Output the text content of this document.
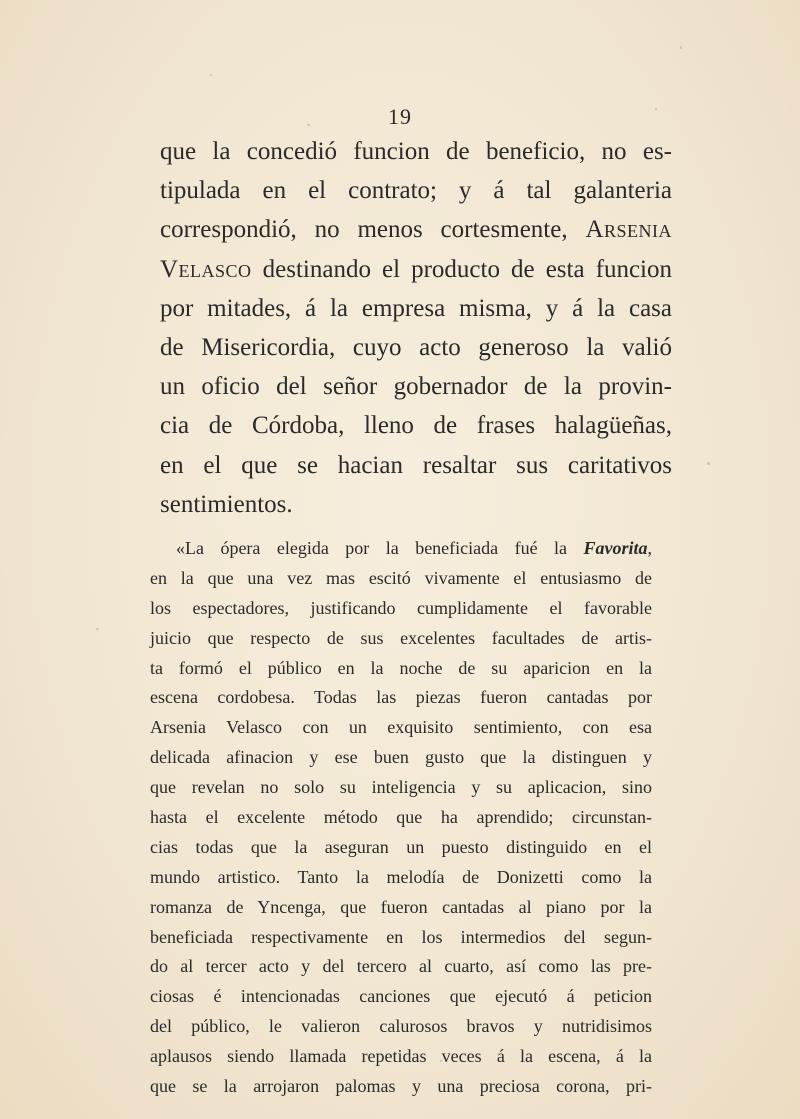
19
que la concedió funcion de beneficio, no es-
tipulada en el contrato; y á tal galanteria
correspondió, no menos cortesmente, Arsenia
Velasco destinando el producto de esta funcion
por mitades, á la empresa misma, y á la casa
de Misericordia, cuyo acto generoso la valió
un oficio del señor gobernador de la provin-
cia de Córdoba, lleno de frases halagüeñas,
en el que se hacian resaltar sus caritativos
sentimientos.
«La ópera elegida por la beneficiada fué la Favorita,
en la que una vez mas escitó vivamente el entusiasmo de
los espectadores, justificando cumplidamente el favorable
juicio que respecto de sus excelentes facultades de artis-
ta formó el público en la noche de su aparicion en la
escena cordobesa. Todas las piezas fueron cantadas por
Arsenia Velasco con un exquisito sentimiento, con esa
delicada afinacion y ese buen gusto que la distinguen y
que revelan no solo su inteligencia y su aplicacion, sino
hasta el excelente método que ha aprendido; circunstan-
cias todas que la aseguran un puesto distinguido en el
mundo artistico. Tanto la melodía de Donizetti como la
romanza de Yncenga, que fueron cantadas al piano por la
beneficiada respectivamente en los intermedios del segun-
do al tercer acto y del tercero al cuarto, así como las pre-
ciosas é intencionadas canciones que ejecutó á peticion
del público, le valieron calurosos bravos y nutridisimos
aplausos siendo llamada repetidas veces á la escena, á la
que se la arrojaron palomas y una preciosa corona, pri-
